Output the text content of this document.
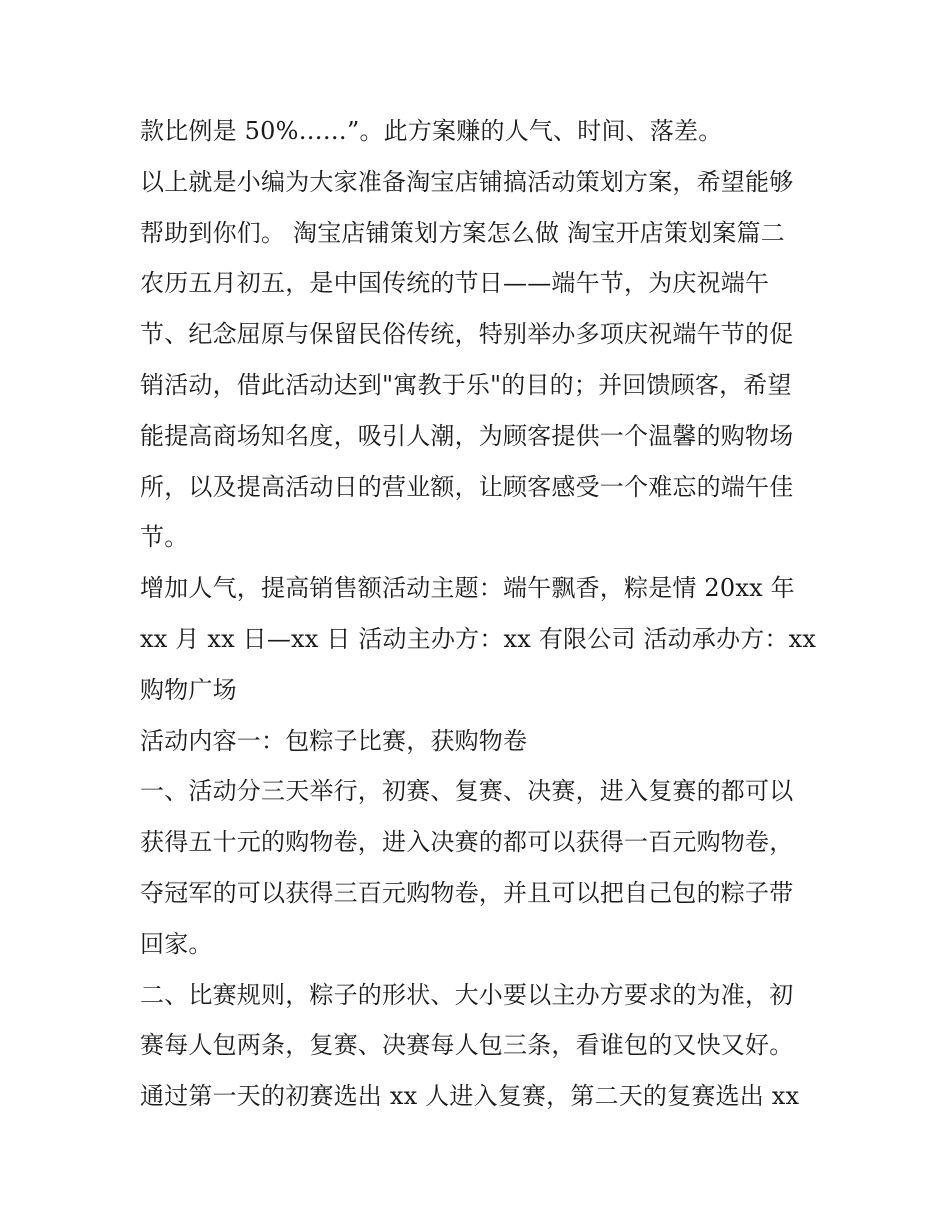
款比例是 50%……”。此方案赚的人气、时间、落差。
以上就是小编为大家准备淘宝店铺搞活动策划方案，希望能够
帮助到你们。 淘宝店铺策划方案怎么做 淘宝开店策划案篇二
农历五月初五，是中国传统的节日——端午节，为庆祝端午
节、纪念屈原与保留民俗传统，特别举办多项庆祝端午节的促
销活动，借此活动达到"寓教于乐"的目的；并回馈顾客，希望
能提高商场知名度，吸引人潮，为顾客提供一个温馨的购物场
所，以及提高活动日的营业额，让顾客感受一个难忘的端午佳
节。
增加人气，提高销售额活动主题：端午飘香，粽是情 20xx 年
xx 月 xx 日—xx 日 活动主办方：xx 有限公司 活动承办方：xx
购物广场
活动内容一：包粽子比赛，获购物卷
一、活动分三天举行，初赛、复赛、决赛，进入复赛的都可以
获得五十元的购物卷，进入决赛的都可以获得一百元购物卷，
夺冠军的可以获得三百元购物卷，并且可以把自己包的粽子带
回家。
二、比赛规则，粽子的形状、大小要以主办方要求的为准，初
赛每人包两条，复赛、决赛每人包三条，看谁包的又快又好。
通过第一天的初赛选出 xx 人进入复赛，第二天的复赛选出 xx
